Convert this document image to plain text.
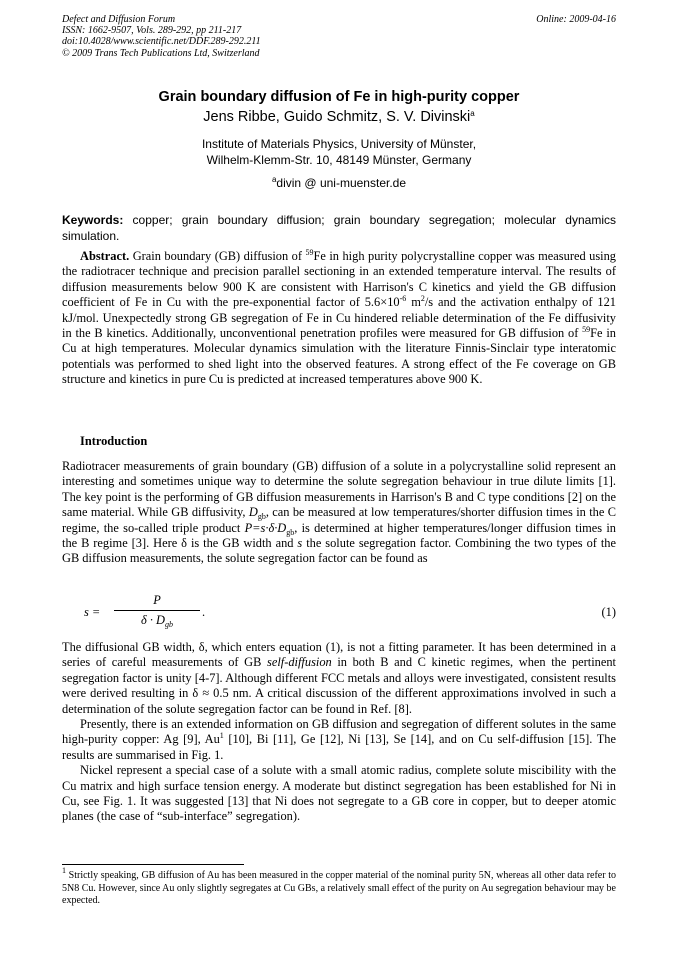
Defect and Diffusion Forum
ISSN: 1662-9507, Vols. 289-292, pp 211-217
doi:10.4028/www.scientific.net/DDF.289-292.211
© 2009 Trans Tech Publications Ltd, Switzerland
Online: 2009-04-16
Grain boundary diffusion of Fe in high-purity copper
Jens Ribbe, Guido Schmitz, S. V. Divinski$^a$
Institute of Materials Physics, University of Münster,
Wilhelm-Klemm-Str. 10, 48149 Münster, Germany
$^a$divin @ uni-muenster.de
Keywords: copper; grain boundary diffusion; grain boundary segregation; molecular dynamics simulation.

Abstract. Grain boundary (GB) diffusion of $^{59}$Fe in high purity polycrystalline copper was measured using the radiotracer technique and precision parallel sectioning in an extended temperature interval. The results of diffusion measurements below 900 K are consistent with Harrison's C kinetics and yield the GB diffusion coefficient of Fe in Cu with the pre-exponential factor of $5.6\times 10^{-6}$ $m^2/s$ and the activation enthalpy of 121 kJ/mol. Unexpectedly strong GB segregation of Fe in Cu hindered reliable determination of the Fe diffusivity in the B kinetics. Additionally, unconventional penetration profiles were measured for GB diffusion of $^{59}$Fe in Cu at high temperatures. Molecular dynamics simulation with the literature Finnis-Sinclair type interatomic potentials was performed to shed light into the observed features. A strong effect of the Fe coverage on GB structure and kinetics in pure Cu is predicted at increased temperatures above 900 K.

Introduction

Radiotracer measurements of grain boundary (GB) diffusion of a solute in a polycrystalline solid represent an interesting and sometimes unique way to determine the solute segregation behaviour in true dilute limits [1]. The key point is the performing of GB diffusion measurements in Harrison's B and C type conditions [2] on the same material. While GB diffusivity, $D_{gb}$, can be measured at low temperatures/shorter diffusion times in the C regime, the so-called triple product $P=s\cdot\delta\cdot D_{gb}$, is determined at higher temperatures/longer diffusion times in the B regime [3]. Here δ is the GB width and s the solute segregation factor. Combining the two types of the GB diffusion measurements, the solute segregation factor can be found as

s =
P
$\delta \cdot D_{gb}$
.	(1)

The diffusional GB width, δ, which enters equation (1), is not a fitting parameter. It has been determined in a series of careful measurements of GB self-diffusion in both B and C kinetic regimes, when the pertinent segregation factor is unity [4-7]. Although different FCC metals and alloys were investigated, consistent results were derived resulting in δ ≈ 0.5 nm. A critical discussion of the different approximations involved in such a determination of the solute segregation factor can be found in Ref. [8].

Presently, there is an extended information on GB diffusion and segregation of different solutes in the same high-purity copper: Ag [9], Au$^1$ [10], Bi [11], Ge [12], Ni [13], Se [14], and on Cu self-diffusion [15]. The results are summarised in Fig. 1.

Nickel represent a special case of a solute with a small atomic radius, complete solute miscibility with the Cu matrix and high surface tension energy. A moderate but distinct segregation has been established for Ni in Cu, see Fig. 1. It was suggested [13] that Ni does not segregate to a GB core in copper, but to deeper atomic planes (the case of “sub-interface” segregation).

$^1$ Strictly speaking, GB diffusion of Au has been measured in the copper material of the nominal purity 5N, whereas all other data refer to 5N8 Cu. However, since Au only slightly segregates at Cu GBs, a relatively small effect of the purity on Au segregation behaviour may be expected.
